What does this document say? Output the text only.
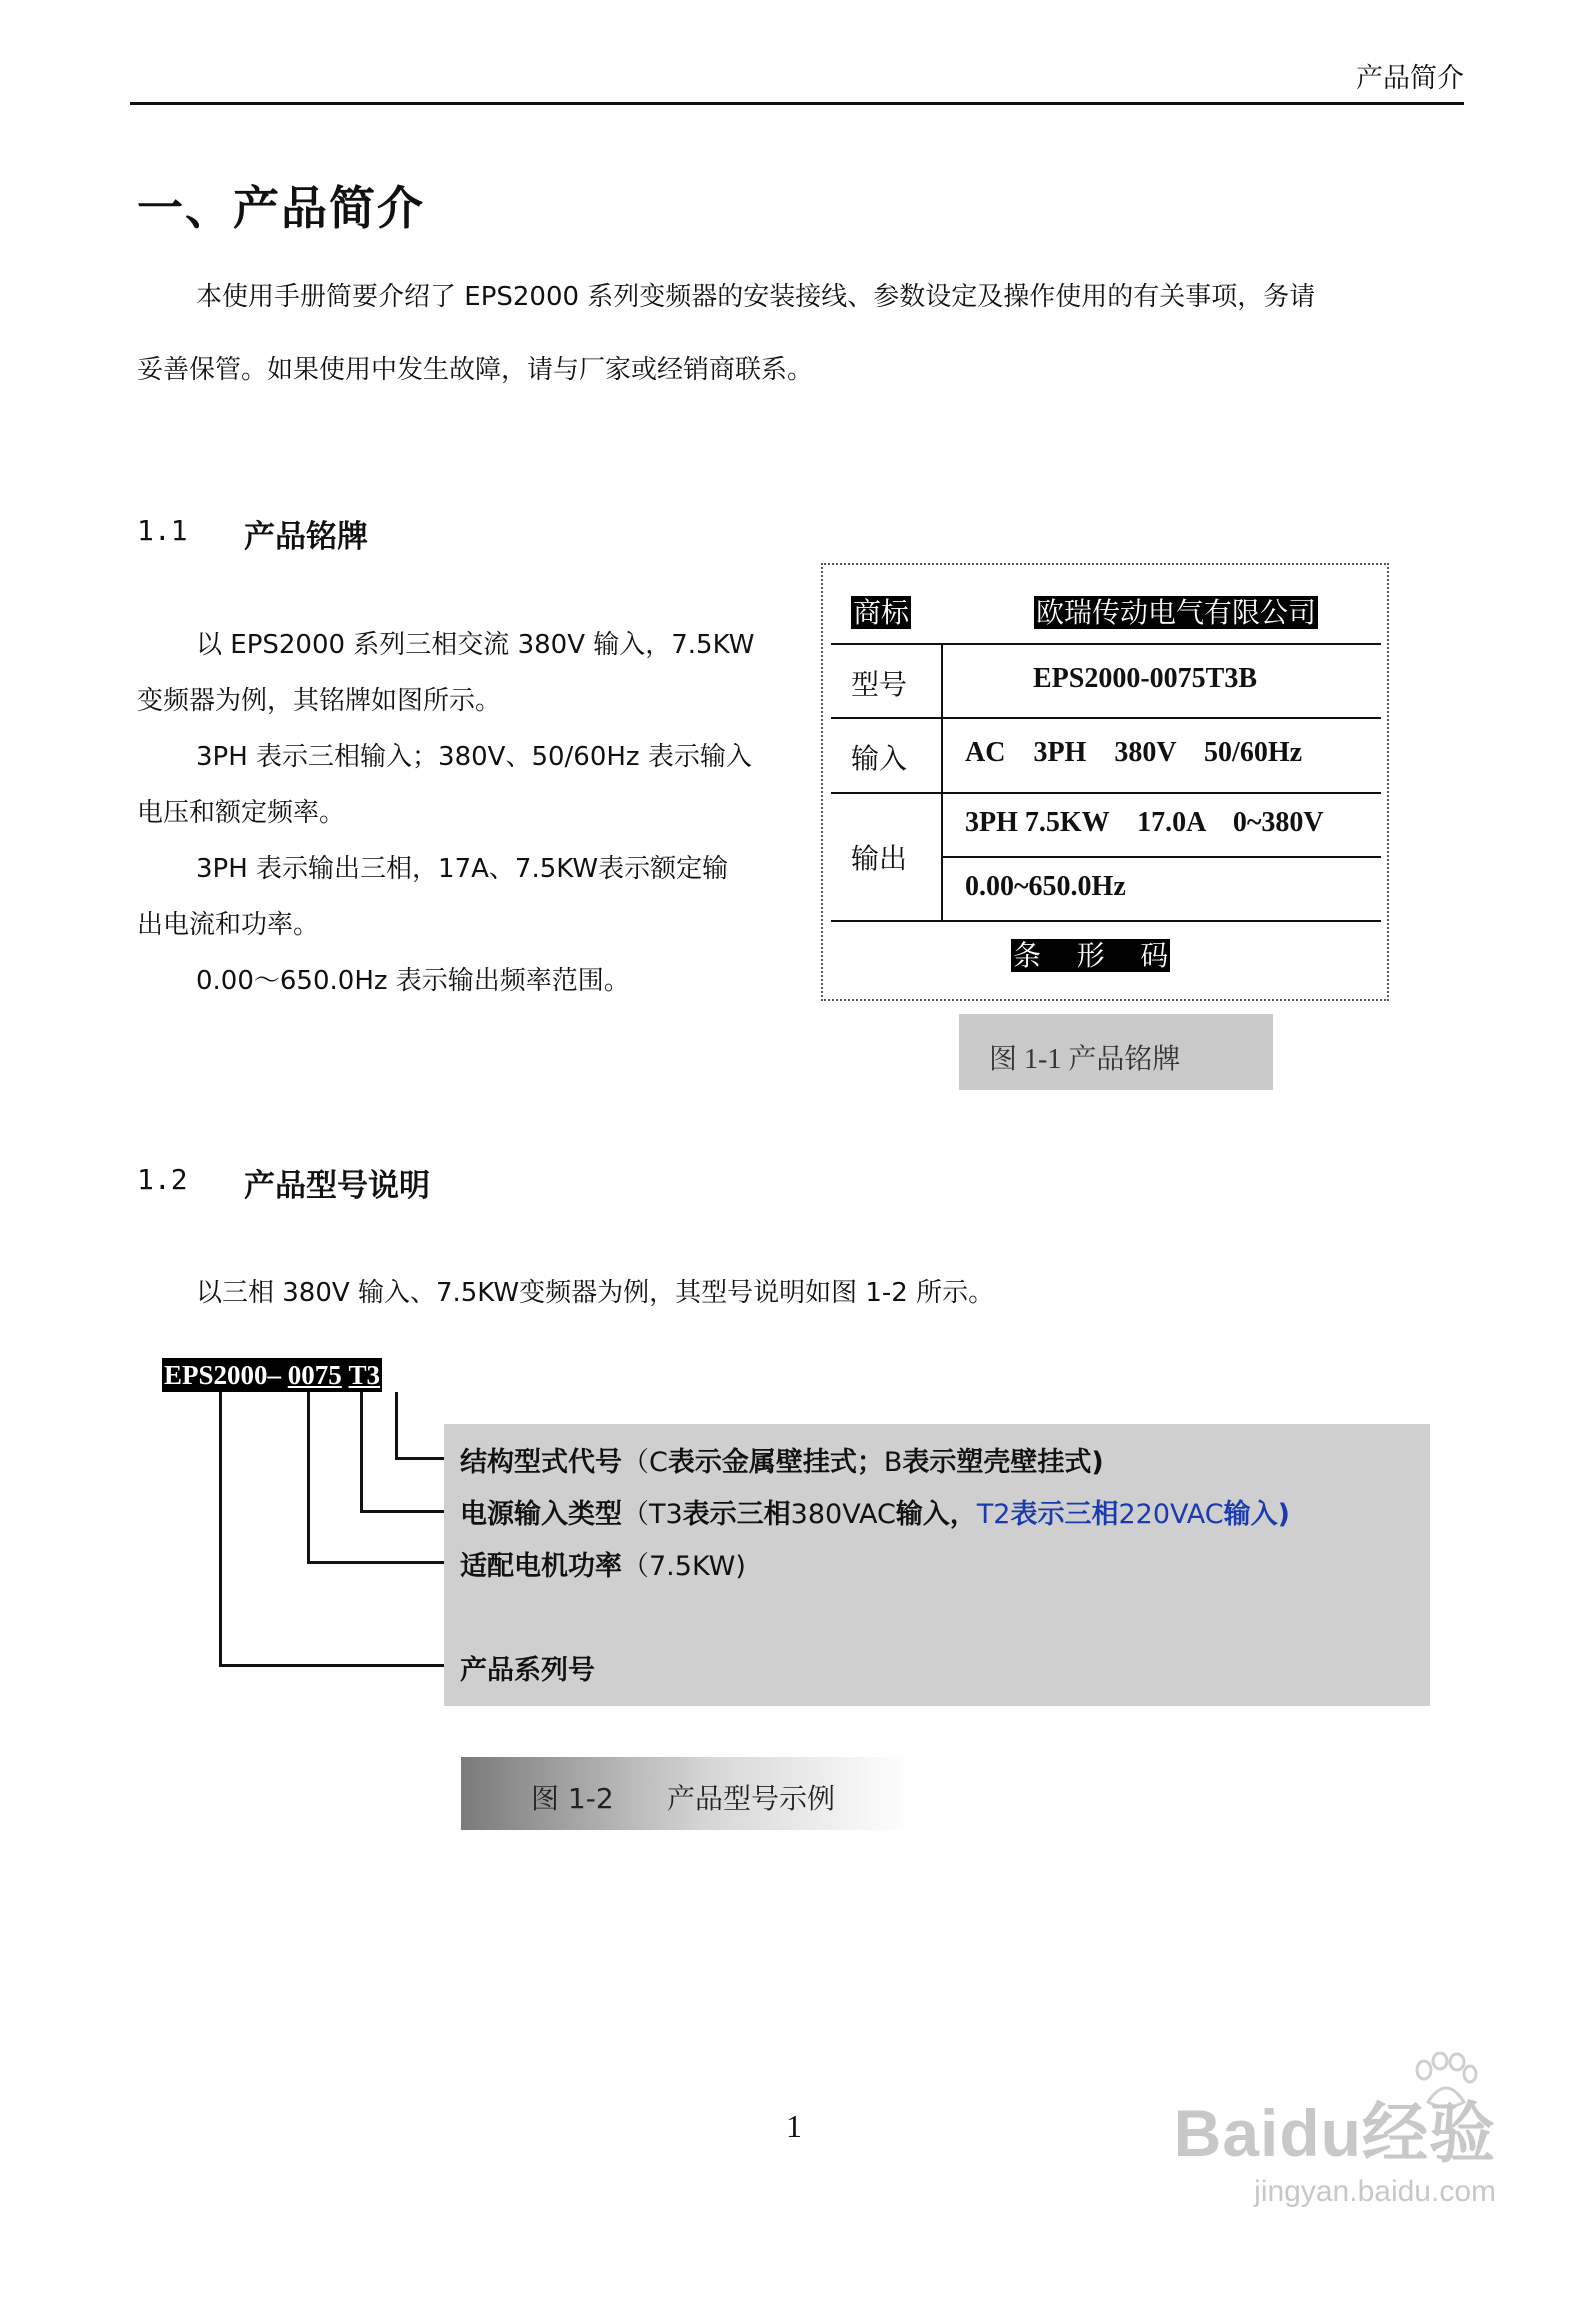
产品简介
一、产品简介
本使用手册简要介绍了 EPS2000 系列变频器的安装接线、参数设定及操作使用的有关事项，务请
妥善保管。如果使用中发生故障，请与厂家或经销商联系。
1.1 产品铭牌
以 EPS2000 系列三相交流 380V 输入，7.5KW
变频器为例，其铭牌如图所示。
3PH 表示三相输入；380V、50/60Hz 表示输入
电压和额定频率。
3PH 表示输出三相，17A、7.5KW表示额定输
出电流和功率。
0.00～650.0Hz 表示输出频率范围。
商标	欧瑞传动电气有限公司
型号	EPS2000-0075T3B
输入 AC    3PH    380V    50/60Hz
输出
3PH 7.5KW    17.0A    0~380V
0.00~650.0Hz
条    形    码
图 1-1 产品铭牌
1.2 产品型号说明
以三相 380V 输入、7.5KW变频器为例，其型号说明如图 1-2 所示。
EPS2000– 0075 T3
结构型式代号（C表示金属壁挂式；B表示塑壳壁挂式)
电源输入类型（T3表示三相380VAC输入，T2表示三相220VAC输入)
适配电机功率（7.5KW)
产品系列号
图 1-2      产品型号示例
1	Baidu经验
jingyan.baidu.com
